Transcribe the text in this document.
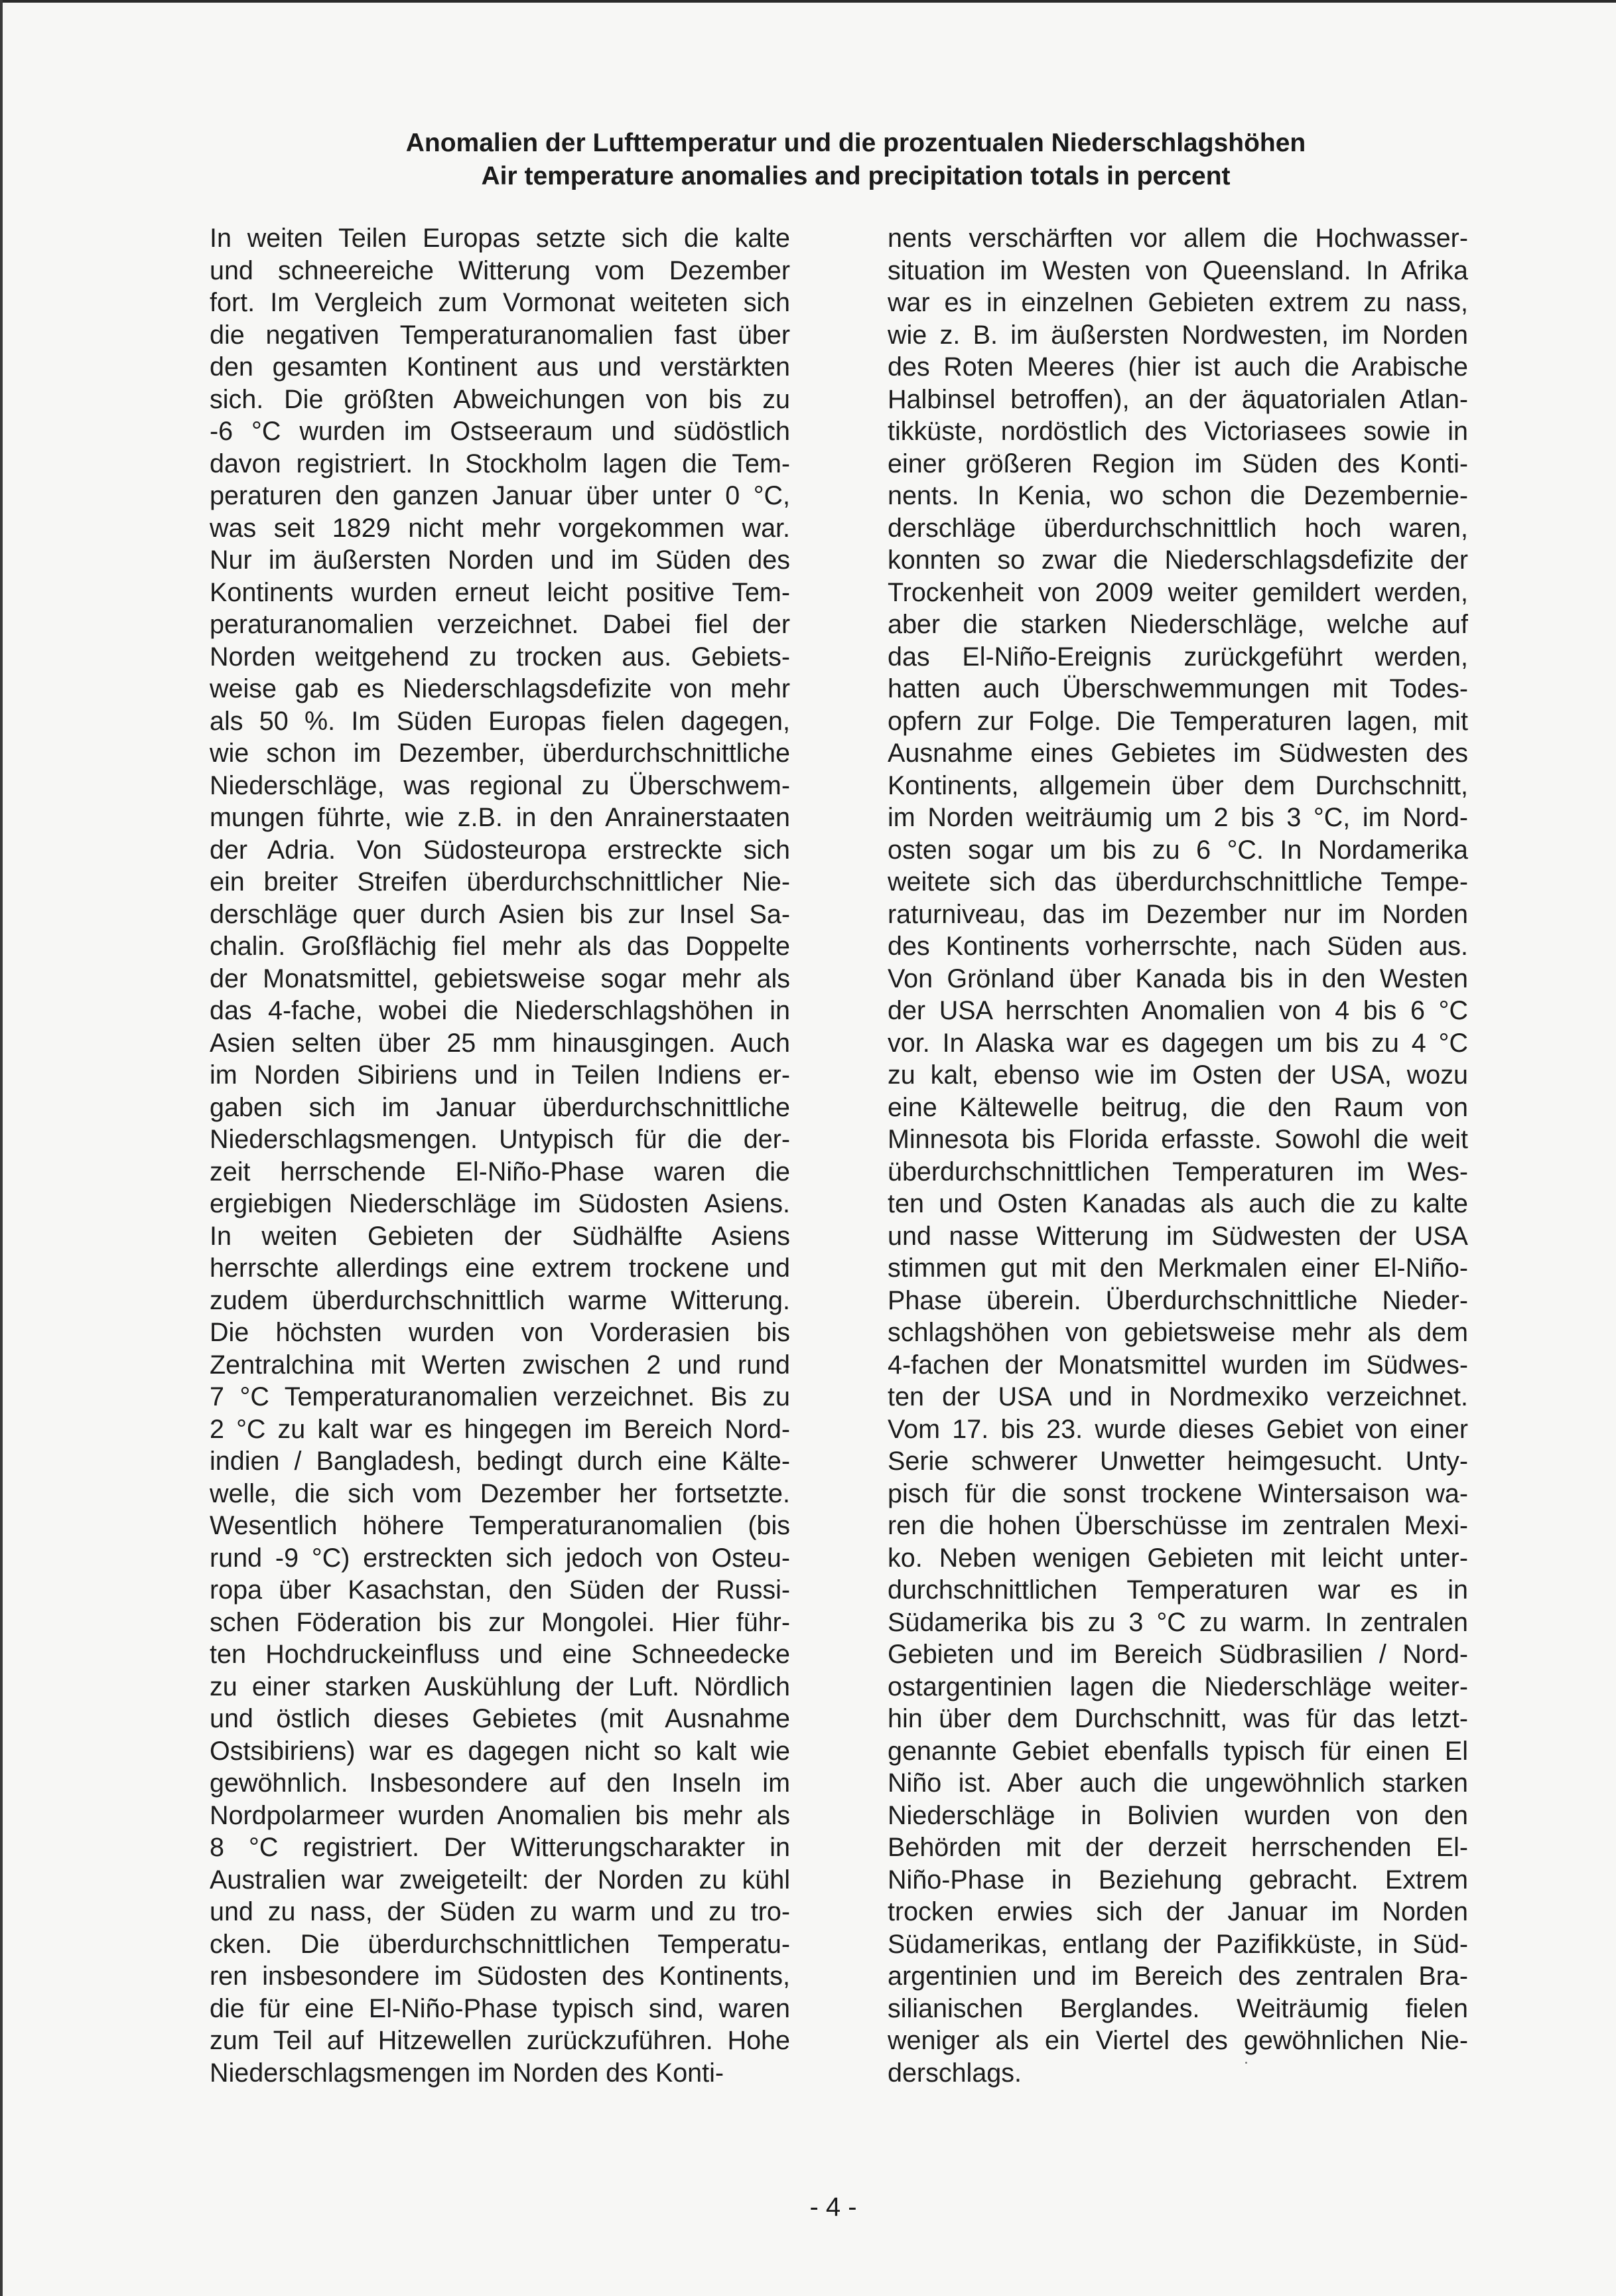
Anomalien der Lufttemperatur und die prozentualen Niederschlagshöhen
Air temperature anomalies and precipitation totals in percent
In weiten Teilen Europas setzte sich die kalte
und schneereiche Witterung vom Dezember
fort. Im Vergleich zum Vormonat weiteten sich
die negativen Temperaturanomalien fast über
den gesamten Kontinent aus und verstärkten
sich. Die größten Abweichungen von bis zu
-6 °C wurden im Ostseeraum und südöstlich
davon registriert. In Stockholm lagen die Tem-
peraturen den ganzen Januar über unter 0 °C,
was seit 1829 nicht mehr vorgekommen war.
Nur im äußersten Norden und im Süden des
Kontinents wurden erneut leicht positive Tem-
peraturanomalien verzeichnet. Dabei fiel der
Norden weitgehend zu trocken aus. Gebiets-
weise gab es Niederschlagsdefizite von mehr
als 50 %. Im Süden Europas fielen dagegen,
wie schon im Dezember, überdurchschnittliche
Niederschläge, was regional zu Überschwem-
mungen führte, wie z.B. in den Anrainerstaaten
der Adria. Von Südosteuropa erstreckte sich
ein breiter Streifen überdurchschnittlicher Nie-
derschläge quer durch Asien bis zur Insel Sa-
chalin. Großflächig fiel mehr als das Doppelte
der Monatsmittel, gebietsweise sogar mehr als
das 4-fache, wobei die Niederschlagshöhen in
Asien selten über 25 mm hinausgingen. Auch
im Norden Sibiriens und in Teilen Indiens er-
gaben sich im Januar überdurchschnittliche
Niederschlagsmengen. Untypisch für die der-
zeit herrschende El-Niño-Phase waren die
ergiebigen Niederschläge im Südosten Asiens.
In weiten Gebieten der Südhälfte Asiens
herrschte allerdings eine extrem trockene und
zudem überdurchschnittlich warme Witterung.
Die höchsten wurden von Vorderasien bis
Zentralchina mit Werten zwischen 2 und rund
7 °C Temperaturanomalien verzeichnet. Bis zu
2 °C zu kalt war es hingegen im Bereich Nord-
indien / Bangladesh, bedingt durch eine Kälte-
welle, die sich vom Dezember her fortsetzte.
Wesentlich höhere Temperaturanomalien (bis
rund -9 °C) erstreckten sich jedoch von Osteu-
ropa über Kasachstan, den Süden der Russi-
schen Föderation bis zur Mongolei. Hier führ-
ten Hochdruckeinfluss und eine Schneedecke
zu einer starken Auskühlung der Luft. Nördlich
und östlich dieses Gebietes (mit Ausnahme
Ostsibiriens) war es dagegen nicht so kalt wie
gewöhnlich. Insbesondere auf den Inseln im
Nordpolarmeer wurden Anomalien bis mehr als
8 °C registriert. Der Witterungscharakter in
Australien war zweigeteilt: der Norden zu kühl
und zu nass, der Süden zu warm und zu tro-
cken. Die überdurchschnittlichen Temperatu-
ren insbesondere im Südosten des Kontinents,
die für eine El-Niño-Phase typisch sind, waren
zum Teil auf Hitzewellen zurückzuführen. Hohe
Niederschlagsmengen im Norden des Konti-
nents verschärften vor allem die Hochwasser-
situation im Westen von Queensland. In Afrika
war es in einzelnen Gebieten extrem zu nass,
wie z. B. im äußersten Nordwesten, im Norden
des Roten Meeres (hier ist auch die Arabische
Halbinsel betroffen), an der äquatorialen Atlan-
tikküste, nordöstlich des Victoriasees sowie in
einer größeren Region im Süden des Konti-
nents. In Kenia, wo schon die Dezembernie-
derschläge überdurchschnittlich hoch waren,
konnten so zwar die Niederschlagsdefizite der
Trockenheit von 2009 weiter gemildert werden,
aber die starken Niederschläge, welche auf
das El-Niño-Ereignis zurückgeführt werden,
hatten auch Überschwemmungen mit Todes-
opfern zur Folge. Die Temperaturen lagen, mit
Ausnahme eines Gebietes im Südwesten des
Kontinents, allgemein über dem Durchschnitt,
im Norden weiträumig um 2 bis 3 °C, im Nord-
osten sogar um bis zu 6 °C. In Nordamerika
weitete sich das überdurchschnittliche Tempe-
raturniveau, das im Dezember nur im Norden
des Kontinents vorherrschte, nach Süden aus.
Von Grönland über Kanada bis in den Westen
der USA herrschten Anomalien von 4 bis 6 °C
vor. In Alaska war es dagegen um bis zu 4 °C
zu kalt, ebenso wie im Osten der USA, wozu
eine Kältewelle beitrug, die den Raum von
Minnesota bis Florida erfasste. Sowohl die weit
überdurchschnittlichen Temperaturen im Wes-
ten und Osten Kanadas als auch die zu kalte
und nasse Witterung im Südwesten der USA
stimmen gut mit den Merkmalen einer El-Niño-
Phase überein. Überdurchschnittliche Nieder-
schlagshöhen von gebietsweise mehr als dem
4-fachen der Monatsmittel wurden im Südwes-
ten der USA und in Nordmexiko verzeichnet.
Vom 17. bis 23. wurde dieses Gebiet von einer
Serie schwerer Unwetter heimgesucht. Unty-
pisch für die sonst trockene Wintersaison wa-
ren die hohen Überschüsse im zentralen Mexi-
ko. Neben wenigen Gebieten mit leicht unter-
durchschnittlichen Temperaturen war es in
Südamerika bis zu 3 °C zu warm. In zentralen
Gebieten und im Bereich Südbrasilien / Nord-
ostargentinien lagen die Niederschläge weiter-
hin über dem Durchschnitt, was für das letzt-
genannte Gebiet ebenfalls typisch für einen El
Niño ist. Aber auch die ungewöhnlich starken
Niederschläge in Bolivien wurden von den
Behörden mit der derzeit herrschenden El-
Niño-Phase in Beziehung gebracht. Extrem
trocken erwies sich der Januar im Norden
Südamerikas, entlang der Pazifikküste, in Süd-
argentinien und im Bereich des zentralen Bra-
silianischen Berglandes. Weiträumig fielen
weniger als ein Viertel des gewöhnlichen Nie-
derschlags.
- 4 -
